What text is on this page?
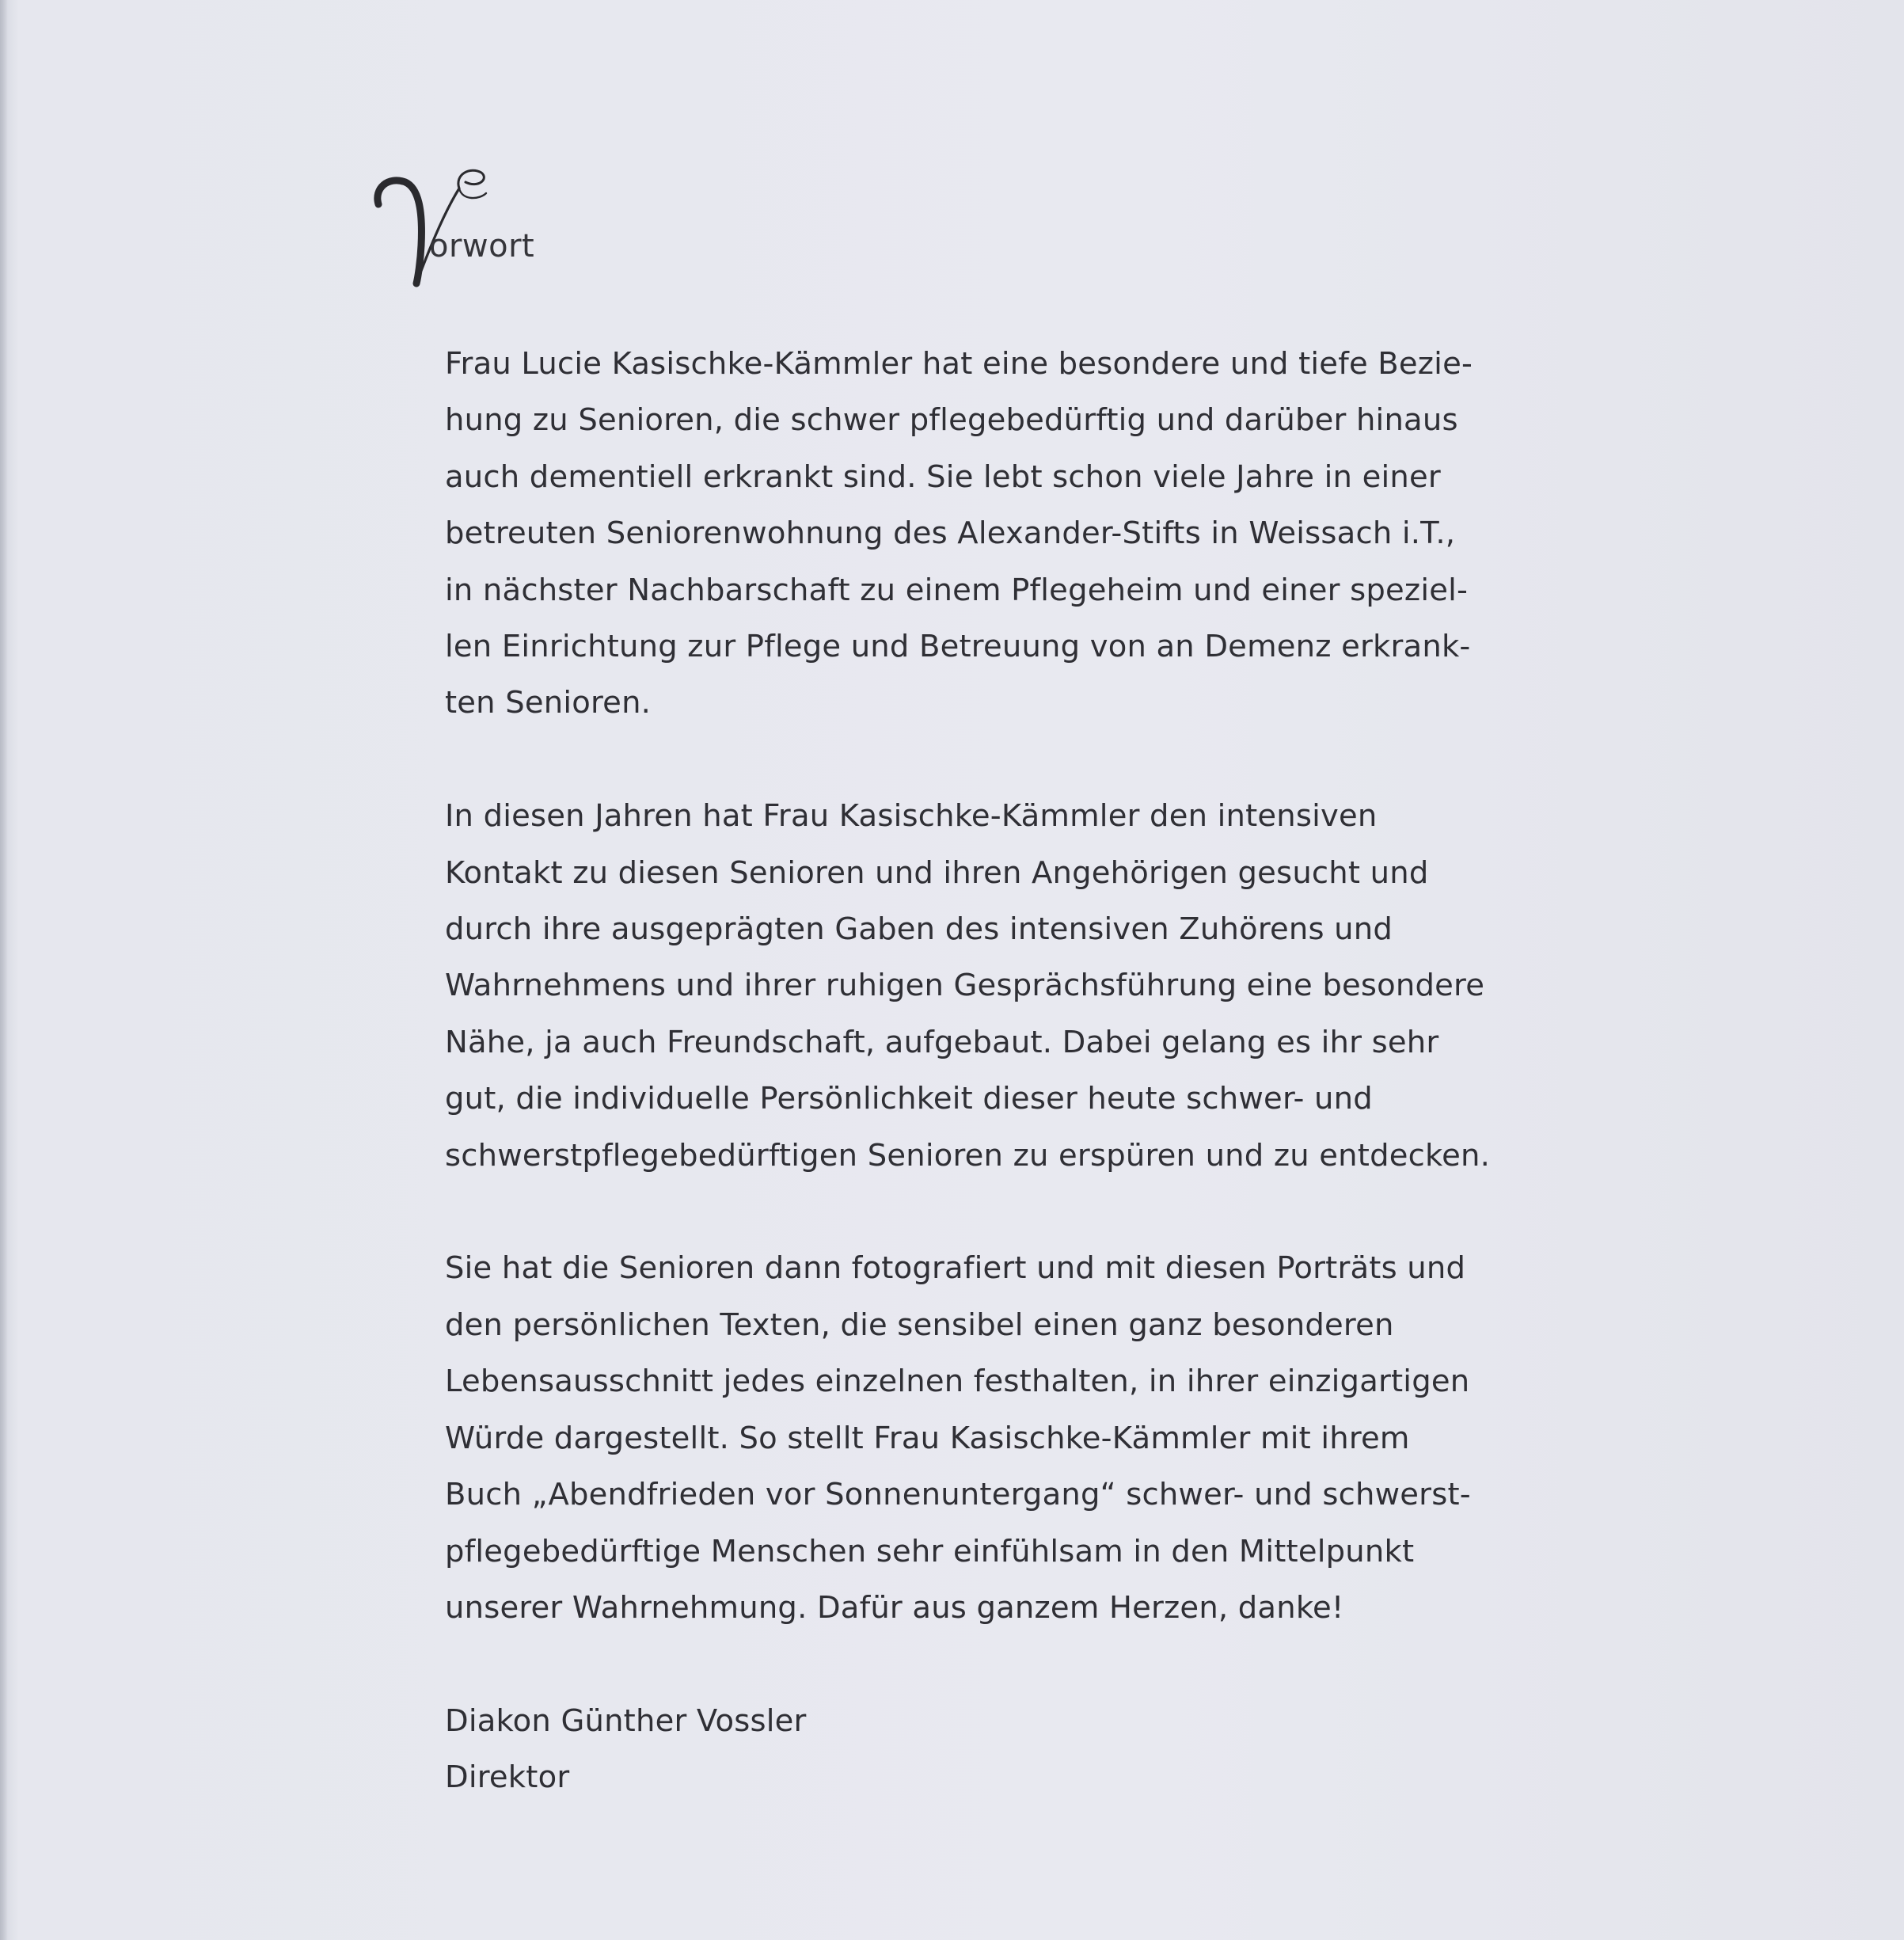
orwort

Frau Lucie Kasischke-Kämmler hat eine besondere und tiefe Bezie-
hung zu Senioren, die schwer pflegebedürftig und darüber hinaus
auch dementiell erkrankt sind. Sie lebt schon viele Jahre in einer
betreuten Seniorenwohnung des Alexander-Stifts in Weissach i.T.,
in nächster Nachbarschaft zu einem Pflegeheim und einer speziel-
len Einrichtung zur Pflege und Betreuung von an Demenz erkrank-
ten Senioren.

In diesen Jahren hat Frau Kasischke-Kämmler den intensiven
Kontakt zu diesen Senioren und ihren Angehörigen gesucht und
durch ihre ausgeprägten Gaben des intensiven Zuhörens und
Wahrnehmens und ihrer ruhigen Gesprächsführung eine besondere
Nähe, ja auch Freundschaft, aufgebaut. Dabei gelang es ihr sehr
gut, die individuelle Persönlichkeit dieser heute schwer- und
schwerstpflegebedürftigen Senioren zu erspüren und zu entdecken.

Sie hat die Senioren dann fotografiert und mit diesen Porträts und
den persönlichen Texten, die sensibel einen ganz besonderen
Lebensausschnitt jedes einzelnen festhalten, in ihrer einzigartigen
Würde dargestellt. So stellt Frau Kasischke-Kämmler mit ihrem
Buch „Abendfrieden vor Sonnenuntergang“ schwer- und schwerst-
pflegebedürftige Menschen sehr einfühlsam in den Mittelpunkt
unserer Wahrnehmung. Dafür aus ganzem Herzen, danke!

Diakon Günther Vossler
Direktor
